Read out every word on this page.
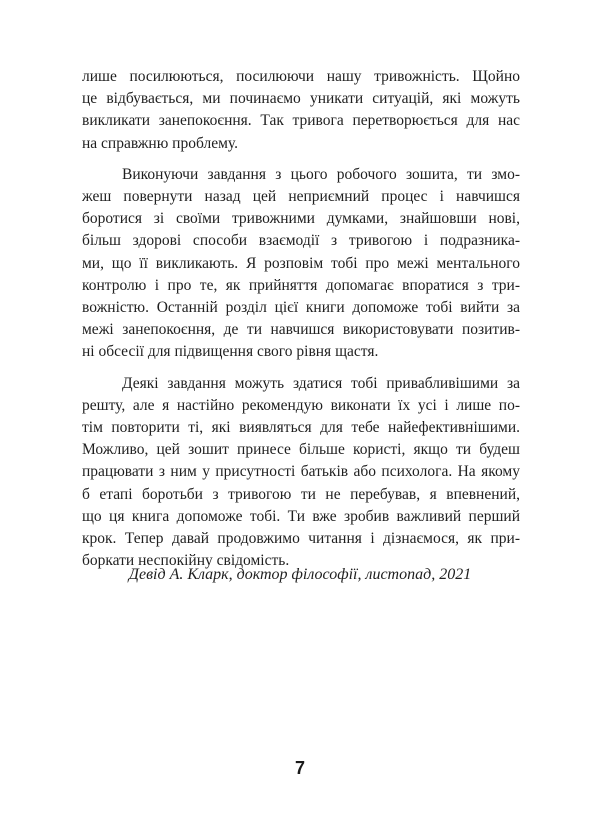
лише посилюються, посилюючи нашу тривожність. Щойно
це відбувається, ми починаємо уникати ситуацій, які можуть
викликати занепокоєння. Так тривога перетворюється для нас
на справжню проблему.
Виконуючи завдання з цього робочого зошита, ти змо-
жеш повернути назад цей неприємний процес і навчишся
боротися зі своїми тривожними думками, знайшовши нові,
більш здорові способи взаємодії з тривогою і подразника-
ми, що її викликають. Я розповім тобі про межі ментального
контролю і про те, як прийняття допомагає впоратися з три-
вожністю. Останній розділ цієї книги допоможе тобі вийти за
межі занепокоєння, де ти навчишся використовувати позитив-
ні обсесії для підвищення свого рівня щастя.
Деякі завдання можуть здатися тобі привабливішими за
решту, але я настійно рекомендую виконати їх усі і лише по-
тім повторити ті, які виявляться для тебе найефективнішими.
Можливо, цей зошит принесе більше користі, якщо ти будеш
працювати з ним у присутності батьків або психолога. На якому
б етапі боротьби з тривогою ти не перебував, я впевнений,
що ця книга допоможе тобі. Ти вже зробив важливий перший
крок. Тепер давай продовжимо читання і дізнаємося, як при-
боркати неспокійну свідомість.
Девід А. Кларк, доктор філософії, листопад, 2021
7
